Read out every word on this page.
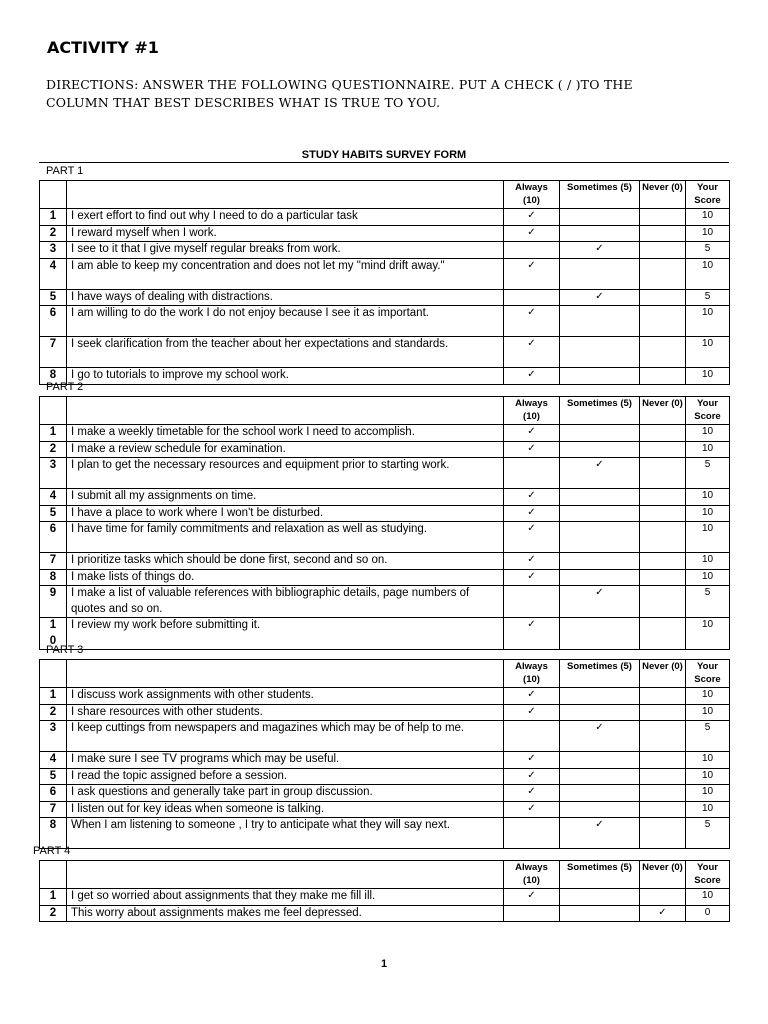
ACTIVITY #1

DIRECTIONS: ANSWER THE FOLLOWING QUESTIONNAIRE. PUT A CHECK ( / )TO THE COLUMN THAT BEST DESCRIBES WHAT IS TRUE TO YOU.

STUDY HABITS SURVEY FORM
PART 1
		Always (10)	Sometimes (5)	Never (0)	Your Score
1	I exert effort to find out why I need to do a particular task	✓			10
2	I reward myself when I work.	✓			10
3	I see to it that I give myself regular breaks from work.		✓		5
4	I am able to keep my concentration and does not let my "mind drift away."	✓			10
5	I have ways of dealing with distractions.		✓		5
6	I am willing to do the work I do not enjoy because I see it as important.	✓			10
7	I seek clarification from the teacher about her expectations and standards.	✓			10
8	I go to tutorials to improve my school work.	✓			10
PART 2
		Always (10)	Sometimes (5)	Never (0)	Your Score
1	I make a weekly timetable for the school work I need to accomplish.	✓			10
2	I make a review schedule for examination.	✓			10
3	I plan to get the necessary resources and equipment prior to starting work.		✓		5
4	I submit all my assignments on time.	✓			10
5	I have a place to work where I won't be disturbed.	✓			10
6	I have time for family commitments and relaxation as well as studying.	✓			10
7	I prioritize tasks which should be done first, second and so on.	✓			10
8	I make lists of things do.	✓			10
9	I make a list of valuable references with bibliographic details, page numbers of quotes and so on.		✓		5
10	I review my work before submitting it.	✓			10
PART 3
		Always (10)	Sometimes (5)	Never (0)	Your Score
1	I discuss work assignments with other students.	✓			10
2	I share resources with other students.	✓			10
3	I keep cuttings from newspapers and magazines which may be of help to me.		✓		5
4	I make sure I see TV programs which may be useful.	✓			10
5	I read the topic assigned before a session.	✓			10
6	I ask questions and generally take part in group discussion.	✓			10
7	I listen out for key ideas when someone is talking.	✓			10
8	When I am listening to someone , I try to anticipate what they will say next.		✓		5
PART 4
		Always (10)	Sometimes (5)	Never (0)	Your Score
1	I get so worried about assignments that they make me fill ill.	✓			10
2	This worry about assignments makes me feel depressed.			✓	0
1
